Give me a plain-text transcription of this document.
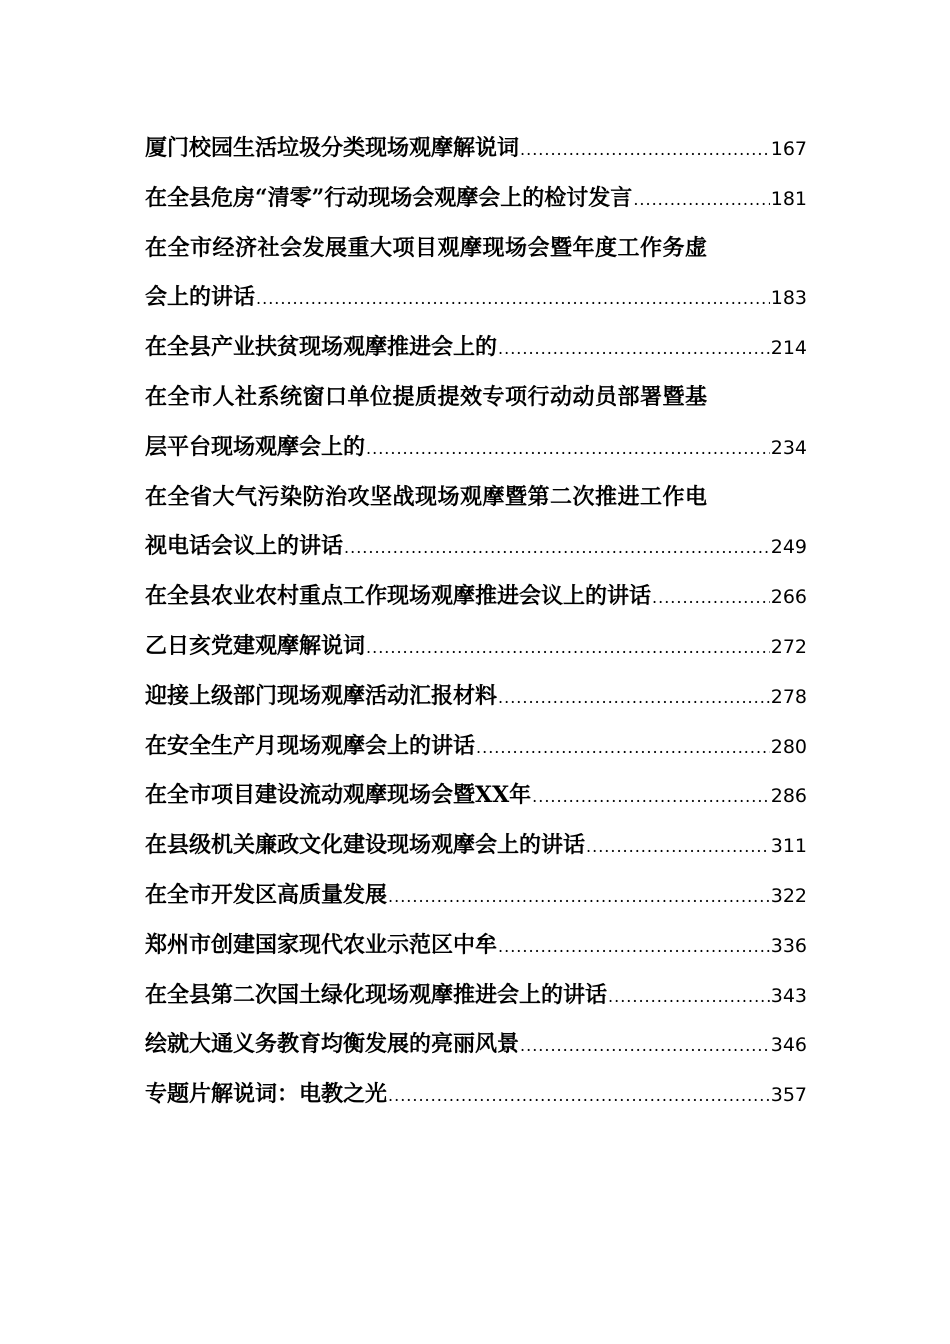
厦门校园生活垃圾分类现场观摩解说词 .....	167
在全县危房“清零”行动现场会观摩会上的检讨发言 .....	181
在全市经济社会发展重大项目观摩现场会暨年度工作务虚
会上的讲话 .....	183
在全县产业扶贫现场观摩推进会上的 .....	214
在全市人社系统窗口单位提质提效专项行动动员部署暨基
层平台现场观摩会上的 .....	234
在全省大气污染防治攻坚战现场观摩暨第二次推进工作电
视电话会议上的讲话 .....	249
在全县农业农村重点工作现场观摩推进会议上的讲话 .....	266
乙日亥党建观摩解说词 .....	272
迎接上级部门现场观摩活动汇报材料 .....	278
在安全生产月现场观摩会上的讲话 .....	280
在全市项目建设流动观摩现场会暨XX年 .....	286
在县级机关廉政文化建设现场观摩会上的讲话 .....	311
在全市开发区高质量发展 .....	322
郑州市创建国家现代农业示范区中牟 .....	336
在全县第二次国土绿化现场观摩推进会上的讲话 .....	343
绘就大通义务教育均衡发展的亮丽风景 .....	346
专题片解说词：电教之光 .....	357
